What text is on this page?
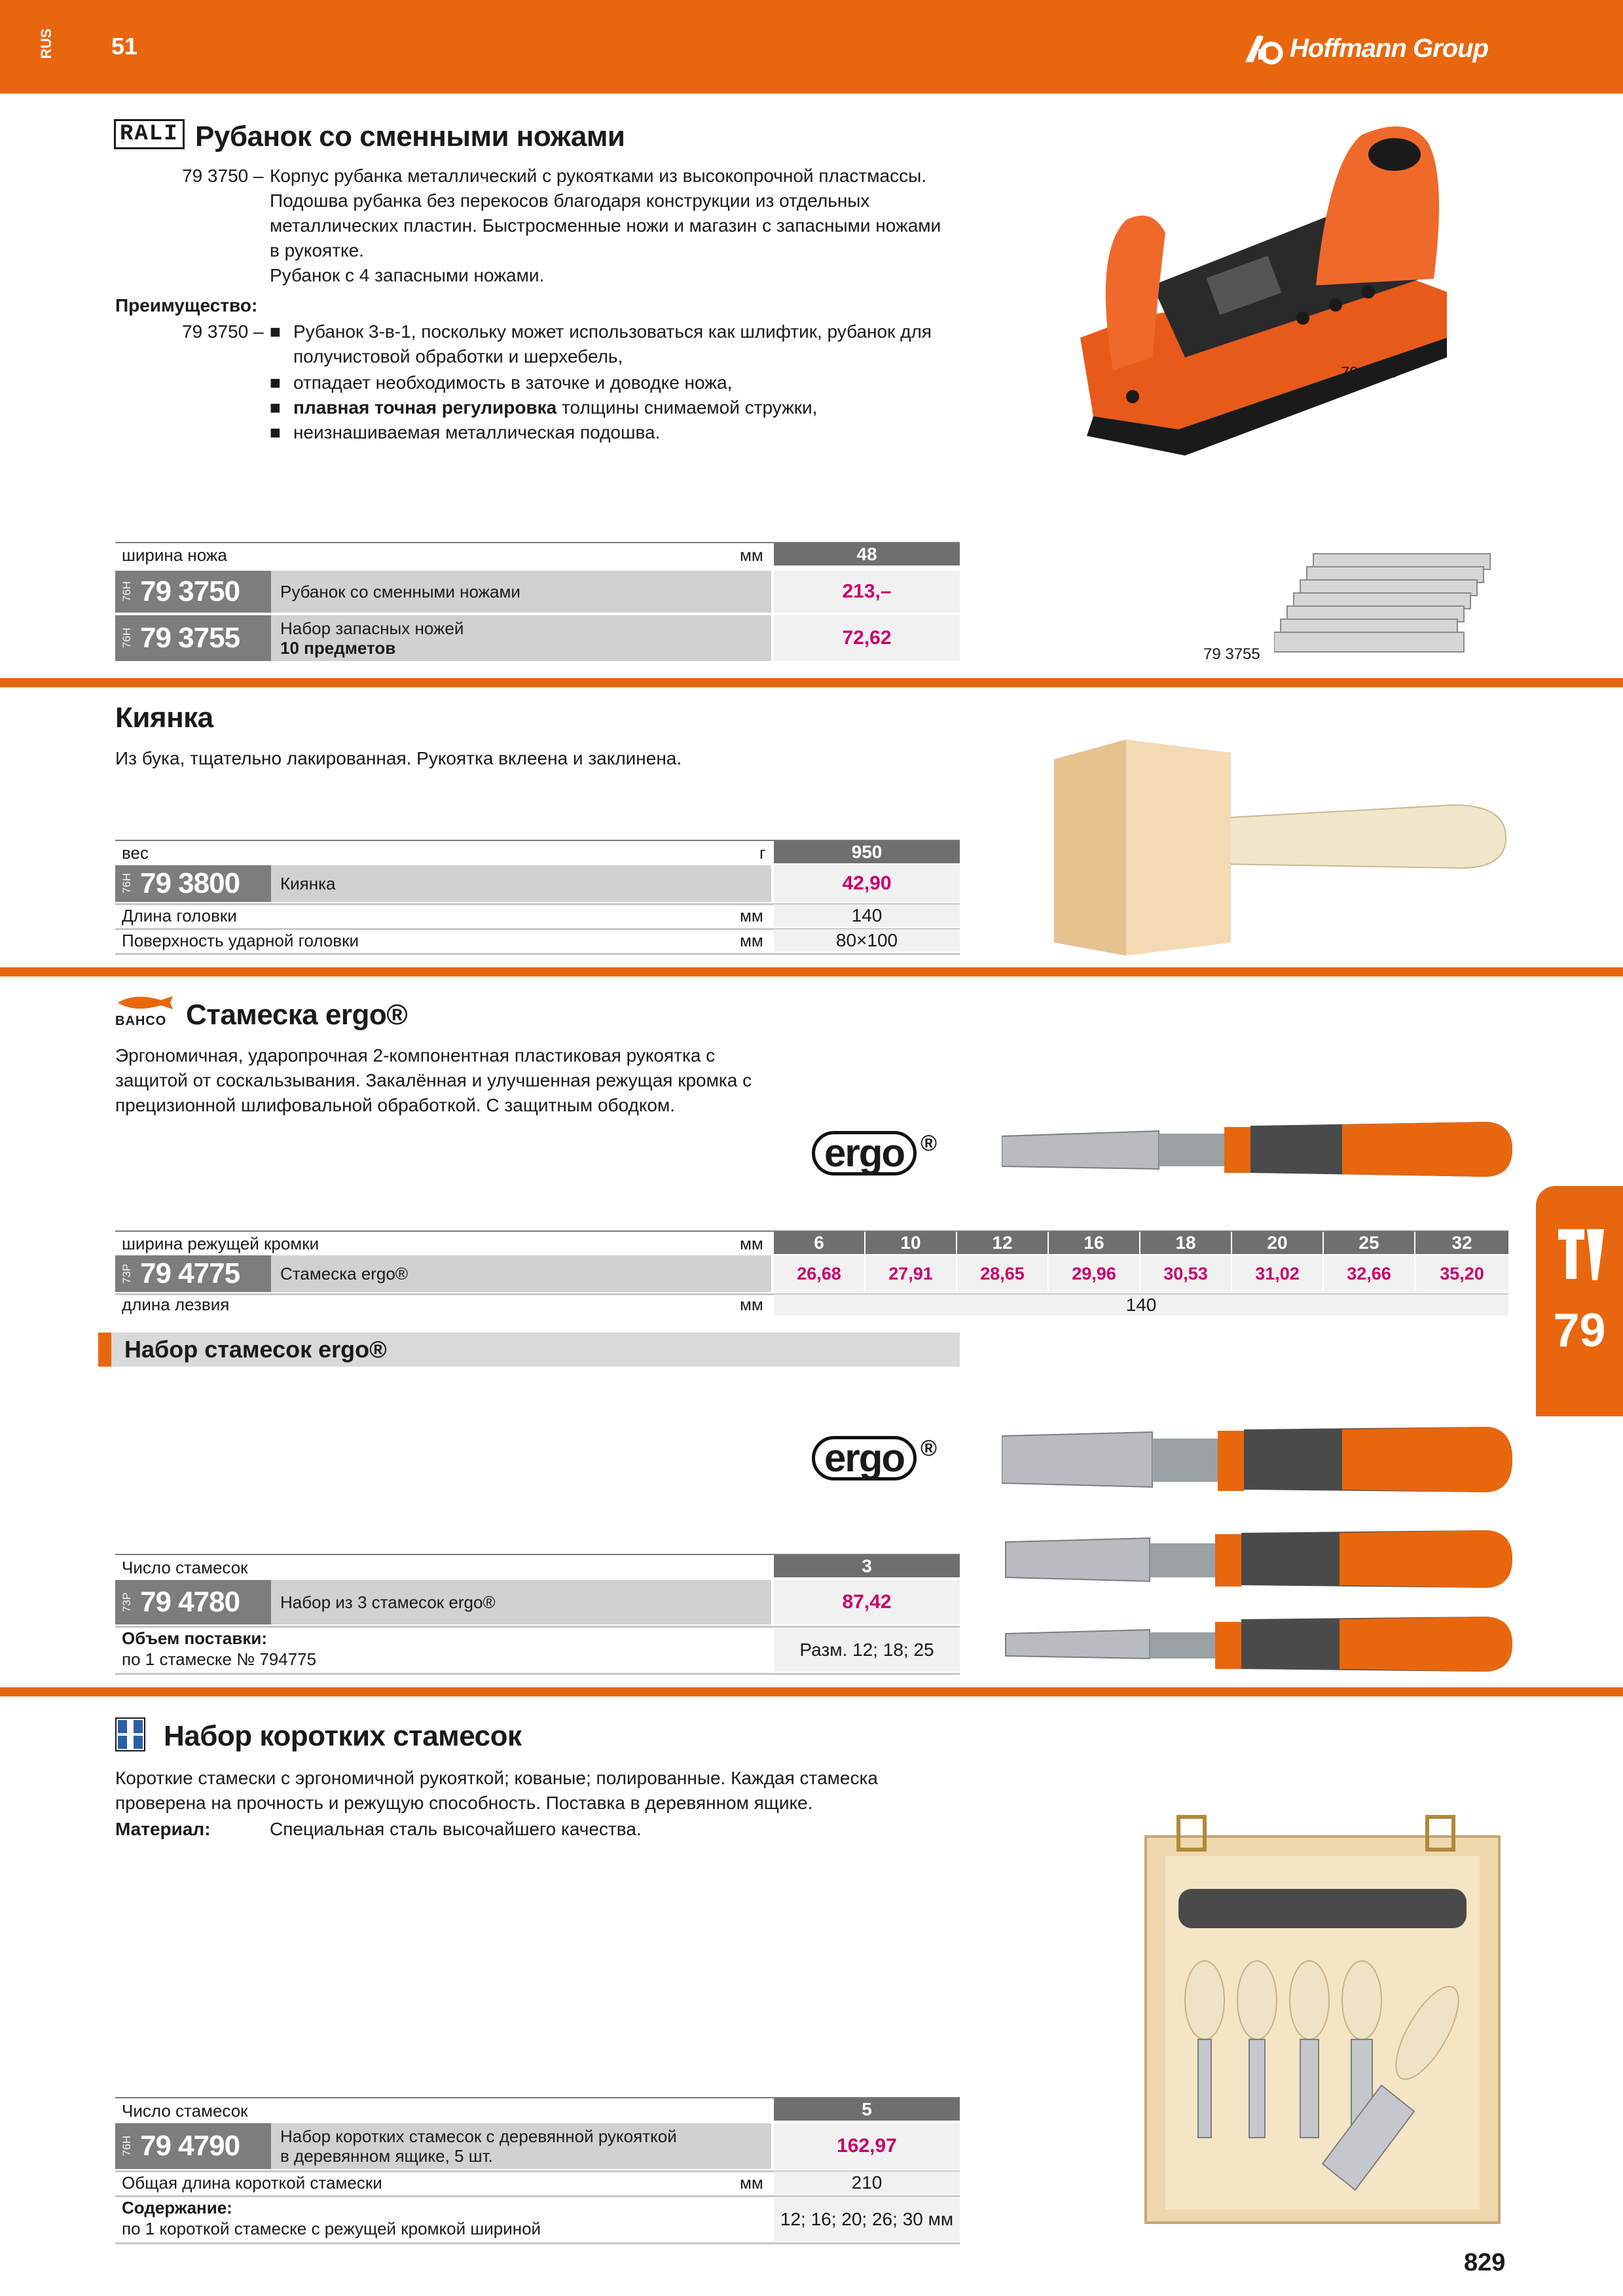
RUS 51	Hoffmann Group
RALI Рубанок со сменными ножами
79 3750 – Корпус рубанка металлический с рукоятками из высокопрочной пластмассы.
Подошва рубанка без перекосов благодаря конструкции из отдельных
металлических пластин. Быстросменные ножи и магазин с запасными ножами
в рукоятке.
Рубанок с 4 запасными ножами.
Преимущество:
79 3750 – ■ Рубанок 3-в-1, поскольку может использоваться как шлифтик, рубанок для
получистовой обработки и шерхебель,
■ отпадает необходимость в заточке и доводке ножа,
■ плавная точная регулировка толщины снимаемой стружки,
■ неизнашиваемая металлическая подошва.
79 3750
79 3755
ширина ножа	мм	48
76H 79 3750 Рубанок со сменными ножами	213,–
76H 79 3755 Набор запасных ножей
10 предметов	72,62
Киянка
Из бука, тщательно лакированная. Рукоятка вклеена и заклинена.
вес	г	950
76H 79 3800 Киянка	42,90
Длина головки	мм	140
Поверхность ударной головки	мм	80×100
BAHCO Стамеска ergo®
Эргономичная, ударопрочная 2-компонентная пластиковая рукоятка с
защитой от соскальзывания. Закалённая и улучшенная режущая кромка с
прецизионной шлифовальной обработкой. С защитным ободком.
ergo ®
ширина режущей кромки	мм	6	10	12	16	18	20	25	32
73P 79 4775 Стамеска ergo®	26,68	27,91	28,65	29,96	30,53	31,02	32,66	35,20
длина лезвия	мм	140
Набор стамесок ergo®
ergo ®
Число стамесок	3
73P 79 4780 Набор из 3 стамесок ergo®	87,42
Объем поставки:
по 1 стамеске № 794775	Разм. 12; 18; 25
Набор коротких стамесок
Короткие стамески с эргономичной рукояткой; кованые; полированные. Каждая стамеска
проверена на прочность и режущую способность. Поставка в деревянном ящике.
Материал:	Специальная сталь высочайшего качества.
Число стамесок	5
76H 79 4790 Набор коротких стамесок с деревянной рукояткой
в деревянном ящике, 5 шт.	162,97
Общая длина короткой стамески	мм	210
Содержание:
по 1 короткой стамеске с режущей кромкой шириной	12; 16; 20; 26; 30 мм
79
829
